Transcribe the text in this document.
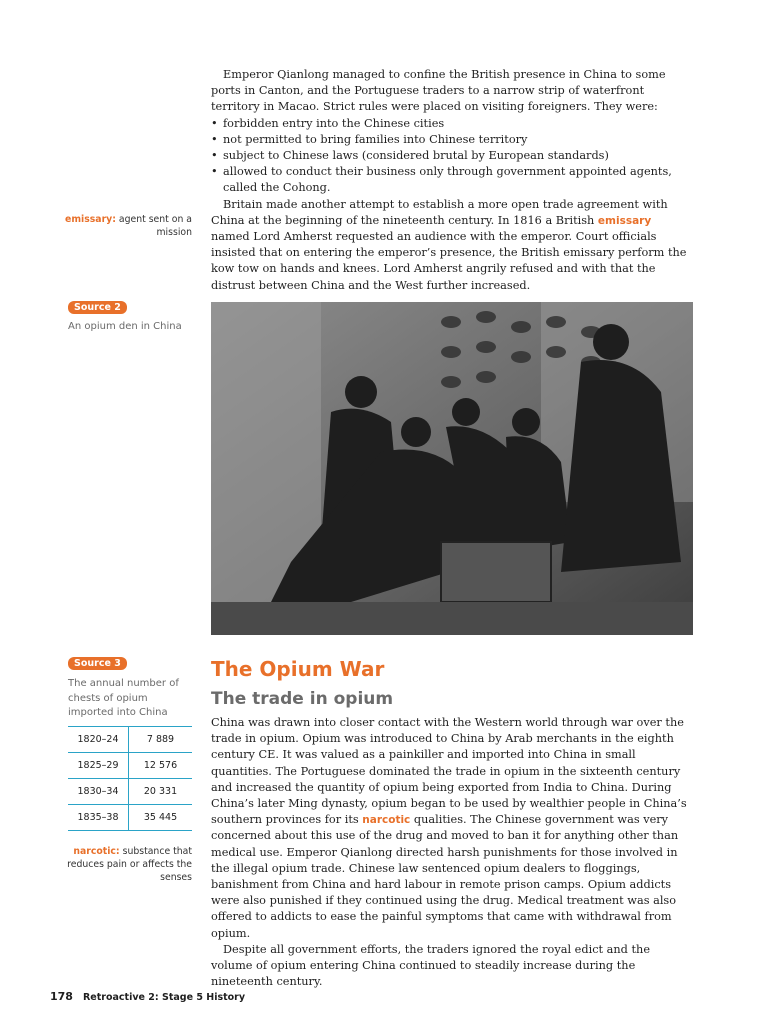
Emperor Qianlong managed to confine the British presence in China to some ports in Canton, and the Portuguese traders to a narrow strip of waterfront territory in Macao. Strict rules were placed on visiting foreigners. They were:

• forbidden entry into the Chinese cities
• not permitted to bring families into Chinese territory
• subject to Chinese laws (considered brutal by European standards)
• allowed to conduct their business only through government appointed agents, called the Cohong.

Britain made another attempt to establish a more open trade agreement with China at the beginning of the nineteenth century. In 1816 a British emissary named Lord Amherst requested an audience with the emperor. Court officials insisted that on entering the emperor’s presence, the British emissary perform the kow tow on hands and knees. Lord Amherst angrily refused and with that the distrust between China and the West further increased.

emissary: agent sent on a mission
Source 2
An opium den in China
Source 3
The annual number of chests of opium imported into China
1820–24	7 889
1825–29	12 576
1830–34	20 331
1835–38	35 445
narcotic: substance that reduces pain or affects the senses
The Opium War
The trade in opium

China was drawn into closer contact with the Western world through war over the trade in opium. Opium was introduced to China by Arab merchants in the eighth century CE. It was valued as a painkiller and imported into China in small quantities. The Portuguese dominated the trade in opium in the sixteenth century and increased the quantity of opium being exported from India to China. During China’s later Ming dynasty, opium began to be used by wealthier people in China’s southern provinces for its narcotic qualities. The Chinese government was very concerned about this use of the drug and moved to ban it for anything other than medical use. Emperor Qianlong directed harsh punishments for those involved in the illegal opium trade. Chinese law sentenced opium dealers to floggings, banishment from China and hard labour in remote prison camps. Opium addicts were also punished if they continued using the drug. Medical treatment was also offered to addicts to ease the painful symptoms that came with withdrawal from opium.

Despite all government efforts, the traders ignored the royal edict and the volume of opium entering China continued to steadily increase during the nineteenth century.

178 Retroactive 2: Stage 5 History
